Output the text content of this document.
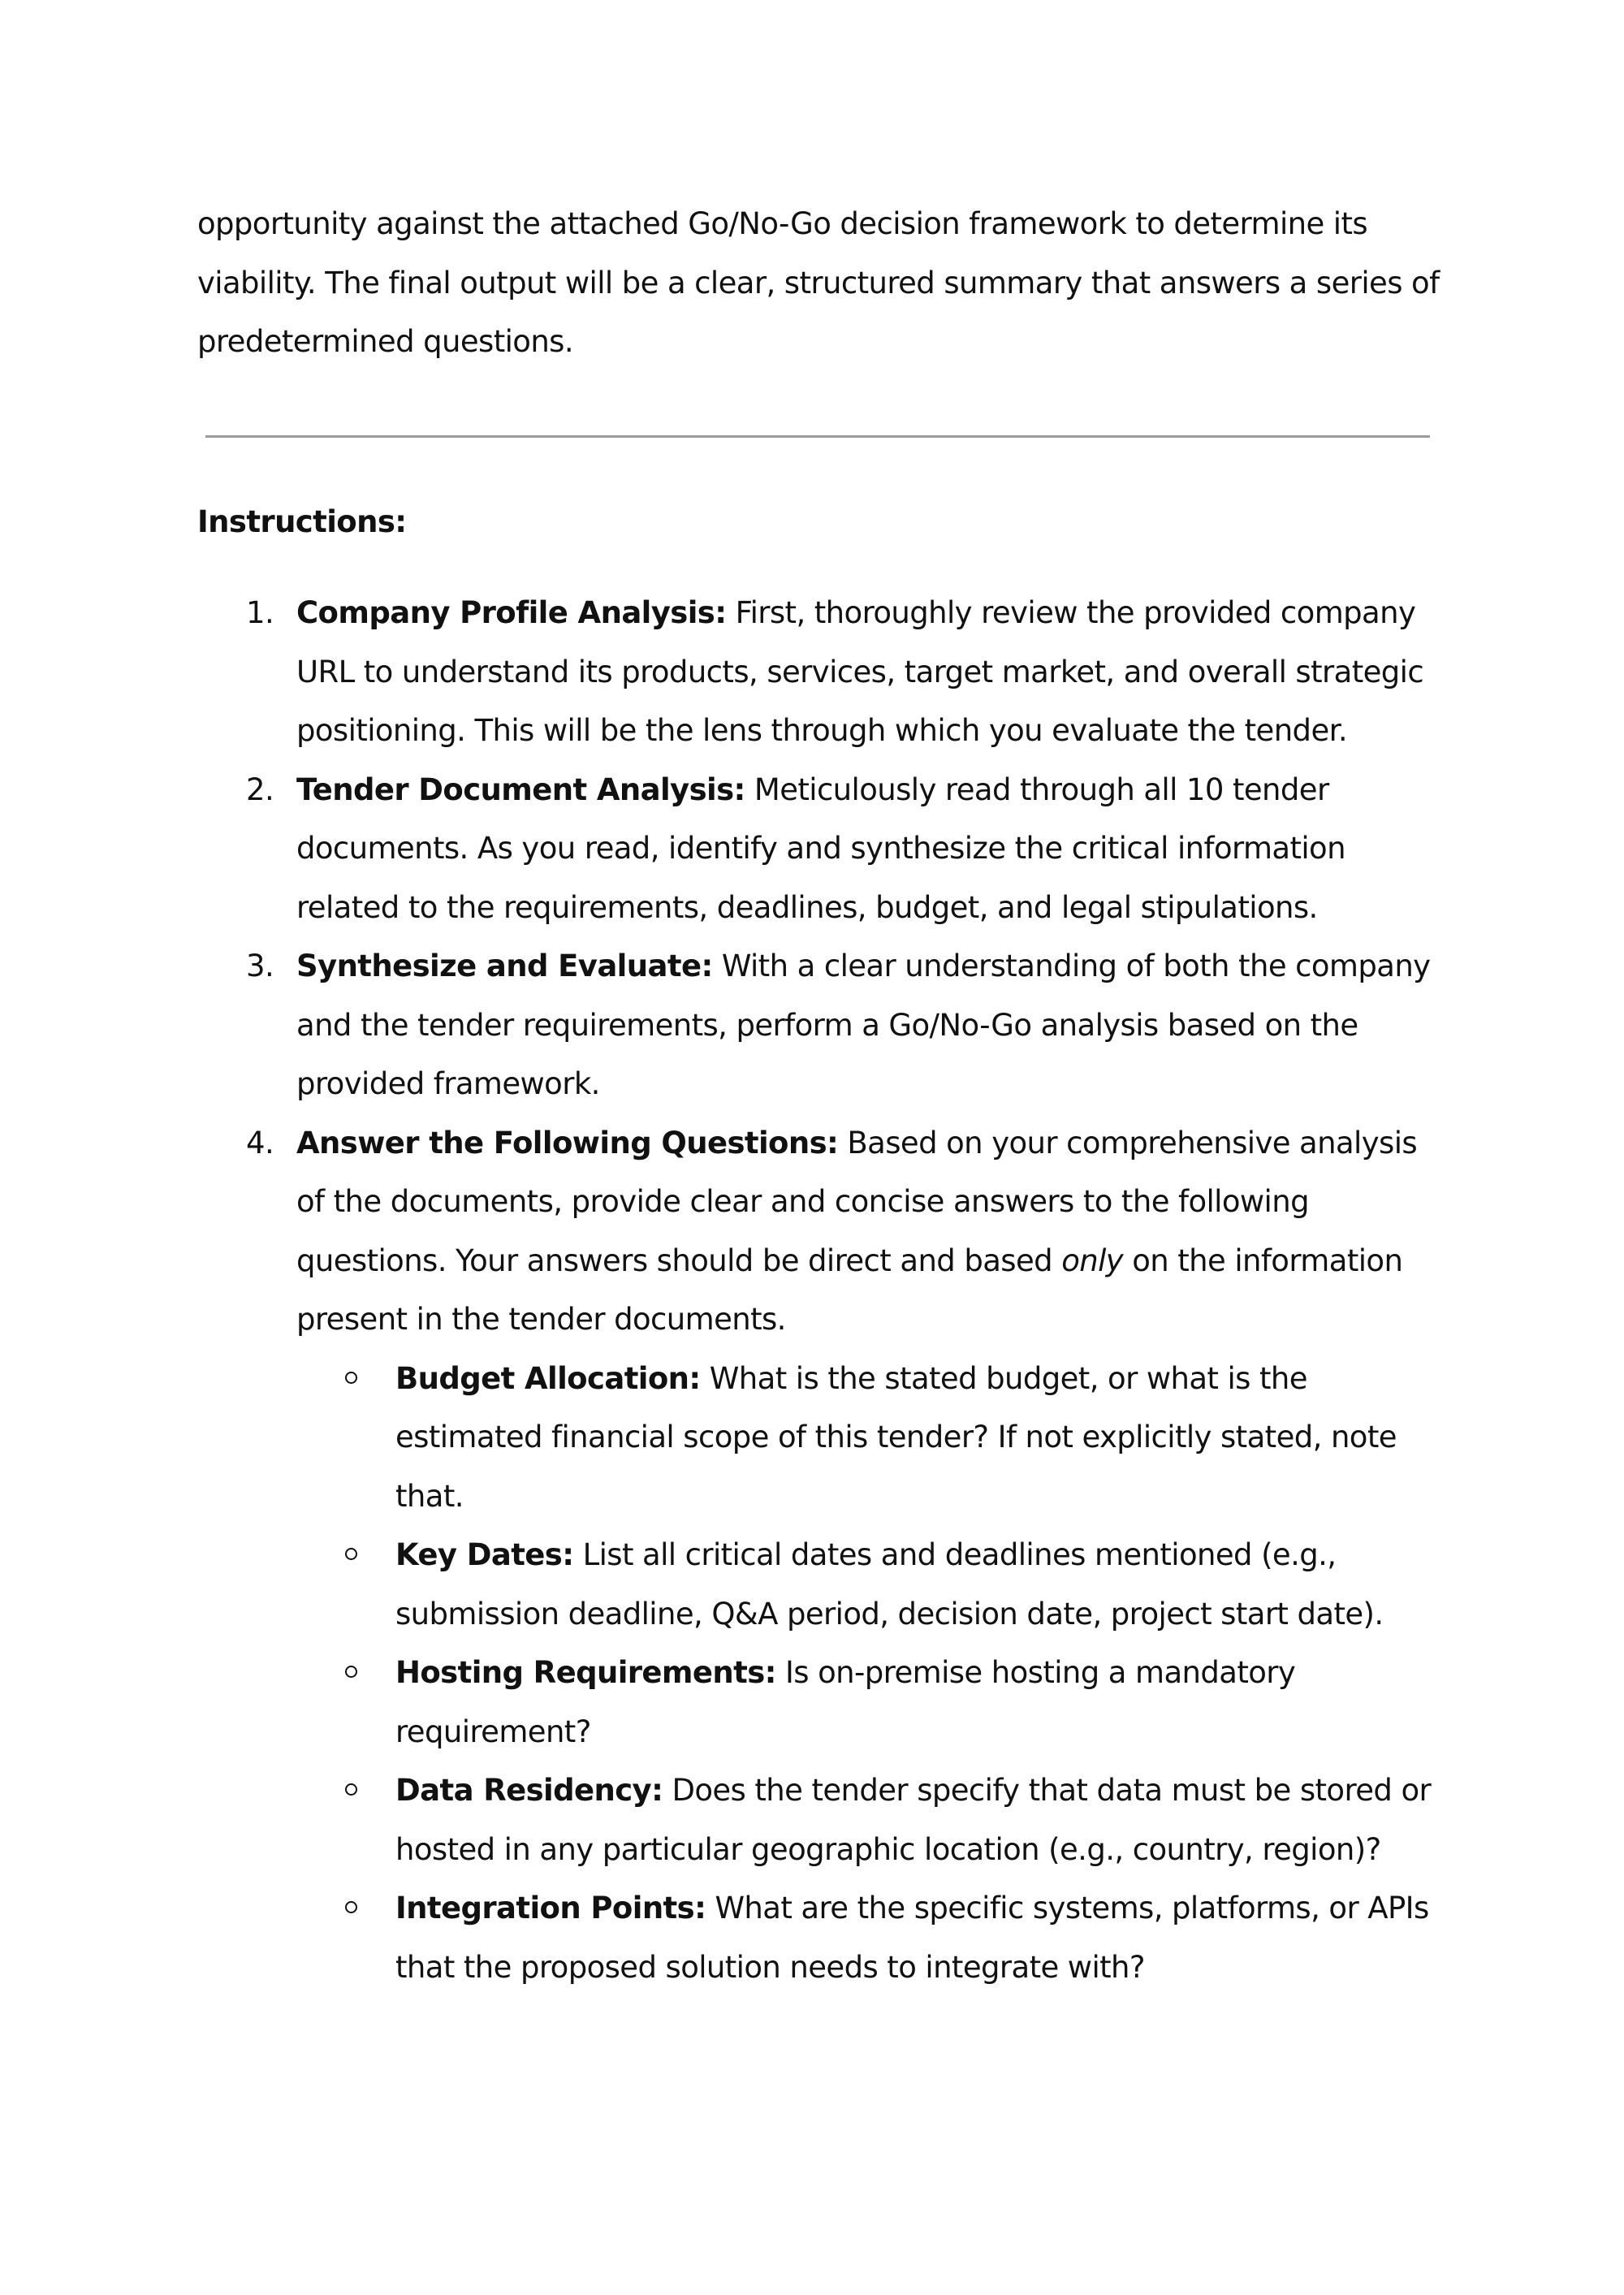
opportunity against the attached Go/No-Go decision framework to determine its viability. The final output will be a clear, structured summary that answers a series of predetermined questions.

Instructions:
1. Company Profile Analysis: First, thoroughly review the provided company URL to understand its products, services, target market, and overall strategic positioning. This will be the lens through which you evaluate the tender.
2. Tender Document Analysis: Meticulously read through all 10 tender documents. As you read, identify and synthesize the critical information related to the requirements, deadlines, budget, and legal stipulations.
3. Synthesize and Evaluate: With a clear understanding of both the company and the tender requirements, perform a Go/No-Go analysis based on the provided framework.
4. Answer the Following Questions: Based on your comprehensive analysis of the documents, provide clear and concise answers to the following questions. Your answers should be direct and based only on the information present in the tender documents.
Budget Allocation: What is the stated budget, or what is the estimated financial scope of this tender? If not explicitly stated, note that.
Key Dates: List all critical dates and deadlines mentioned (e.g., submission deadline, Q&A period, decision date, project start date).
Hosting Requirements: Is on-premise hosting a mandatory requirement?
Data Residency: Does the tender specify that data must be stored or hosted in any particular geographic location (e.g., country, region)?
Integration Points: What are the specific systems, platforms, or APIs that the proposed solution needs to integrate with?
